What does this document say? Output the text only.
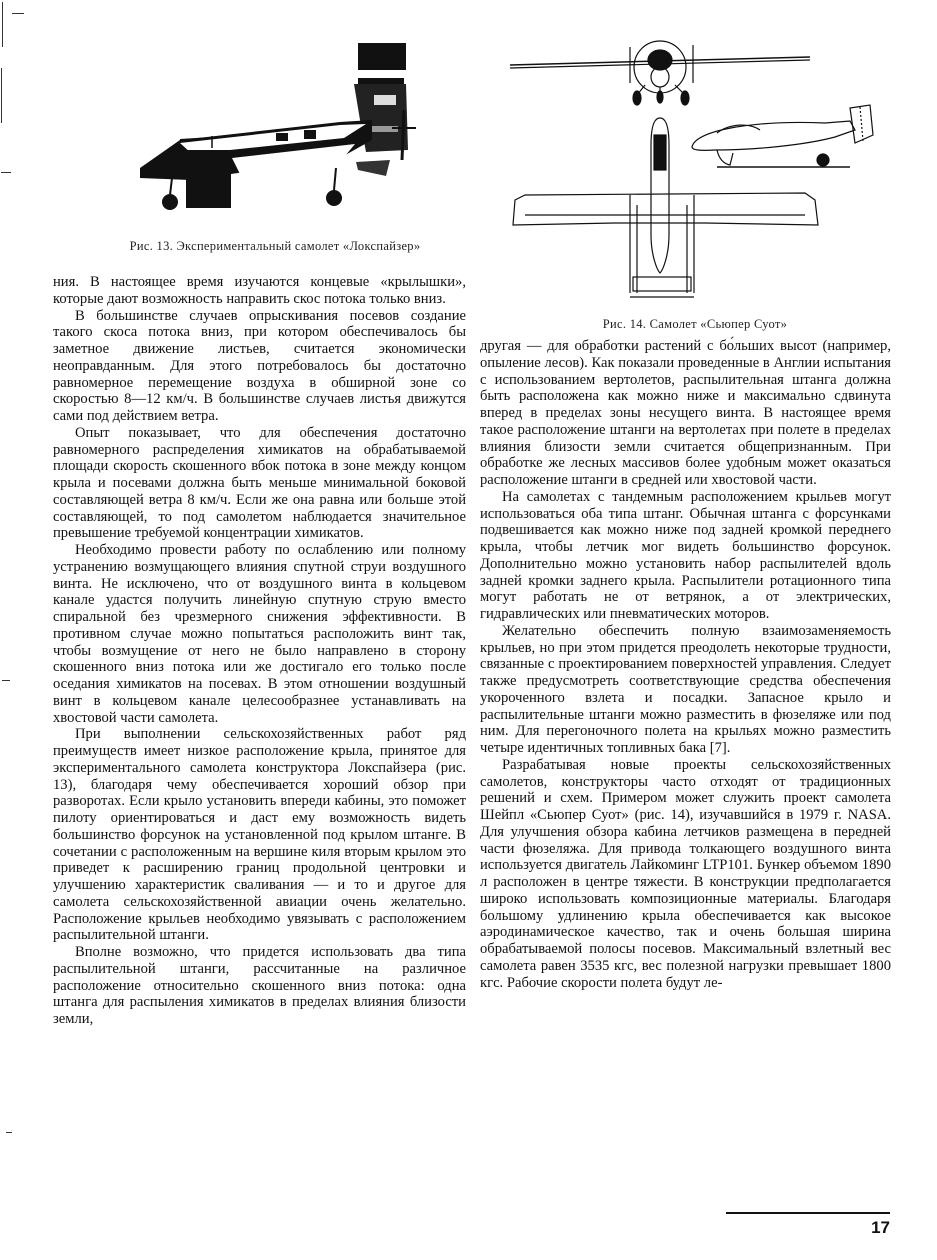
Рис. 13. Экспериментальный самолет «Локспайзер»
Рис. 14. Самолет «Сьюпер Суот»

ния. В настоящее время изучаются концевые «крылышки», которые дают возможность направить скос потока только вниз.

В большинстве случаев опрыскивания посевов создание такого скоса потока вниз, при котором обеспечивалось бы заметное движение листьев, считается экономически неоправданным. Для этого потребовалось бы достаточно равномерное перемещение воздуха в обширной зоне со скоростью 8—12 км/ч. В большинстве случаев листья движутся сами под действием ветра.

Опыт показывает, что для обеспечения достаточно равномерного распределения химикатов на обрабатываемой площади скорость скошенного вбок потока в зоне между концом крыла и посевами должна быть меньше минимальной боковой составляющей ветра 8 км/ч. Если же она равна или больше этой составляющей, то под самолетом наблюдается значительное превышение требуемой концентрации химикатов.

Необходимо провести работу по ослаблению или полному устранению возмущающего влияния спутной струи воздушного винта. Не исключено, что от воздушного винта в кольцевом канале удастся получить линейную спутную струю вместо спиральной без чрезмерного снижения эффективности. В противном случае можно попытаться расположить винт так, чтобы возмущение от него не было направлено в сторону скошенного вниз потока или же достигало его только после оседания химикатов на посевах. В этом отношении воздушный винт в кольцевом канале целесообразнее устанавливать на хвостовой части самолета.

При выполнении сельскохозяйственных работ ряд преимуществ имеет низкое расположение крыла, принятое для экспериментального самолета конструктора Локспайзера (рис. 13), благодаря чему обеспечивается хороший обзор при разворотах. Если крыло установить впереди кабины, это поможет пилоту ориентироваться и даст ему возможность видеть большинство форсунок на установленной под крылом штанге. В сочетании с расположенным на вершине киля вторым крылом это приведет к расширению границ продольной центровки и улучшению характеристик сваливания — и то и другое для самолета сельскохозяйственной авиации очень желательно. Расположение крыльев необходимо увязывать с расположением распылительной штанги.

Вполне возможно, что придется использовать два типа распылительной штанги, рассчитанные на различное расположение относительно скошенного вниз потока: одна штанга для распыления химикатов в пределах влияния близости земли,

другая — для обработки растений с бо́льших высот (например, опыление лесов). Как показали проведенные в Англии испытания с использованием вертолетов, распылительная штанга должна быть расположена как можно ниже и максимально сдвинута вперед в пределах зоны несущего винта. В настоящее время такое расположение штанги на вертолетах при полете в пределах влияния близости земли считается общепризнанным. При обработке же лесных массивов более удобным может оказаться расположение штанги в средней или хвостовой части.

На самолетах с тандемным расположением крыльев могут использоваться оба типа штанг. Обычная штанга с форсунками подвешивается как можно ниже под задней кромкой переднего крыла, чтобы летчик мог видеть большинство форсунок. Дополнительно можно установить набор распылителей вдоль задней кромки заднего крыла. Распылители ротационного типа могут работать не от ветрянок, а от электрических, гидравлических или пневматических моторов.

Желательно обеспечить полную взаимозаменяемость крыльев, но при этом придется преодолеть некоторые трудности, связанные с проектированием поверхностей управления. Следует также предусмотреть соответствующие средства обеспечения укороченного взлета и посадки. Запасное крыло и распылительные штанги можно разместить в фюзеляже или под ним. Для перегоночного полета на крыльях можно разместить четыре идентичных топливных бака [7].

Разрабатывая новые проекты сельскохозяйственных самолетов, конструкторы часто отходят от традиционных решений и схем. Примером может служить проект самолета Шейпл «Сьюпер Суот» (рис. 14), изучавшийся в 1979 г. NASA. Для улучшения обзора кабина летчиков размещена в передней части фюзеляжа. Для привода толкающего воздушного винта используется двигатель Лайкоминг LTP101. Бункер объемом 1890 л расположен в центре тяжести. В конструкции предполагается широко использовать композиционные материалы. Благодаря большому удлинению крыла обеспечивается как высокое аэродинамическое качество, так и очень большая ширина обрабатываемой полосы посевов. Максимальный взлетный вес самолета равен 3535 кгс, вес полезной нагрузки превышает 1800 кгс. Рабочие скорости полета будут ле-

17
